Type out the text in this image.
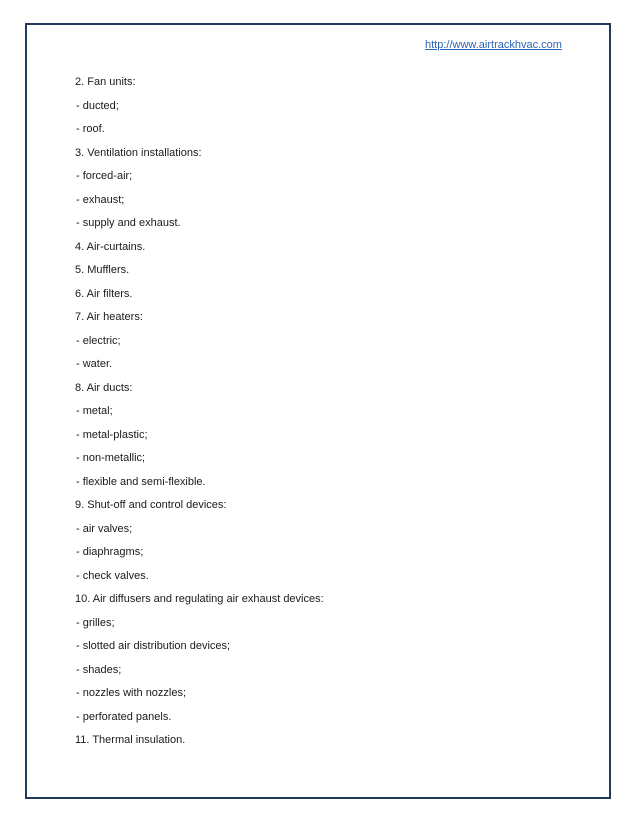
http://www.airtrackhvac.com
2. Fan units:
- ducted;
- roof.
3. Ventilation installations:
- forced-air;
- exhaust;
- supply and exhaust.
4. Air-curtains.
5. Mufflers.
6. Air filters.
7. Air heaters:
- electric;
- water.
8. Air ducts:
- metal;
- metal-plastic;
- non-metallic;
- flexible and semi-flexible.
9. Shut-off and control devices:
- air valves;
- diaphragms;
- check valves.
10. Air diffusers and regulating air exhaust devices:
- grilles;
- slotted air distribution devices;
- shades;
- nozzles with nozzles;
- perforated panels.
11. Thermal insulation.
